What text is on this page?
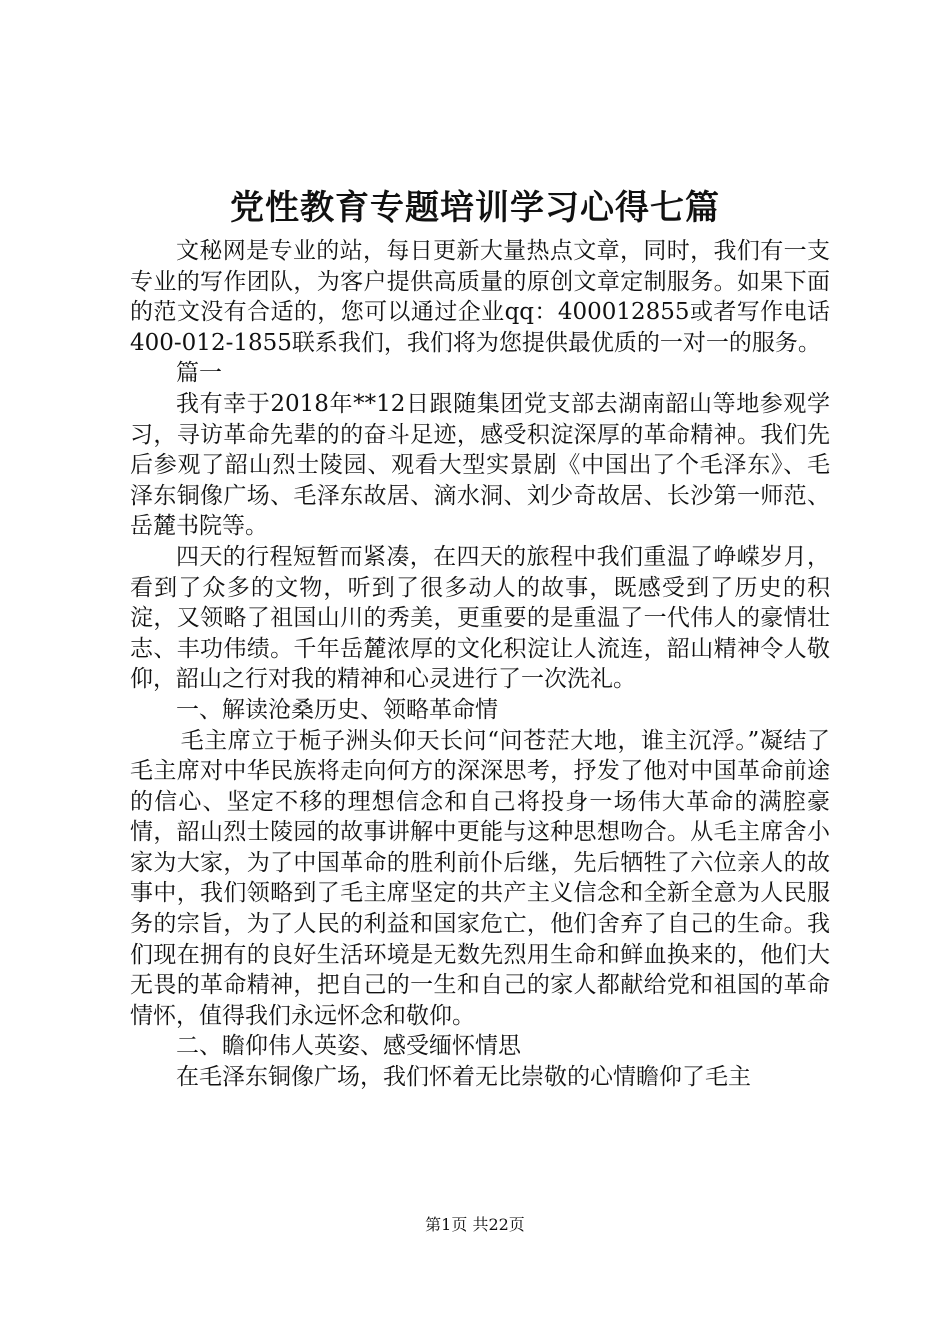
党性教育专题培训学习心得七篇

文秘网是专业的站，每日更新大量热点文章，同时，我们有一支专业的写作团队，为客户提供高质量的原创文章定制服务。如果下面的范文没有合适的，您可以通过企业qq：400012855或者写作电话400-012-1855联系我们，我们将为您提供最优质的一对一的服务。

篇一

我有幸于2018年**12日跟随集团党支部去湖南韶山等地参观学习，寻访革命先辈的的奋斗足迹，感受积淀深厚的革命精神。我们先后参观了韶山烈士陵园、观看大型实景剧《中国出了个毛泽东》、毛泽东铜像广场、毛泽东故居、滴水洞、刘少奇故居、长沙第一师范、岳麓书院等。

四天的行程短暂而紧凑，在四天的旅程中我们重温了峥嵘岁月，看到了众多的文物，听到了很多动人的故事，既感受到了历史的积淀，又领略了祖国山川的秀美，更重要的是重温了一代伟人的豪情壮志、丰功伟绩。千年岳麓浓厚的文化积淀让人流连，韶山精神令人敬仰，韶山之行对我的精神和心灵进行了一次洗礼。

一、解读沧桑历史、领略革命情

毛主席立于栀子洲头仰天长问“问苍茫大地，谁主沉浮。”凝结了毛主席对中华民族将走向何方的深深思考，抒发了他对中国革命前途的信心、坚定不移的理想信念和自己将投身一场伟大革命的满腔豪情，韶山烈士陵园的故事讲解中更能与这种思想吻合。从毛主席舍小家为大家，为了中国革命的胜利前仆后继，先后牺牲了六位亲人的故事中，我们领略到了毛主席坚定的共产主义信念和全新全意为人民服务的宗旨，为了人民的利益和国家危亡，他们舍弃了自己的生命。我们现在拥有的良好生活环境是无数先烈用生命和鲜血换来的，他们大无畏的革命精神，把自己的一生和自己的家人都献给党和祖国的革命情怀，值得我们永远怀念和敬仰。

二、瞻仰伟人英姿、感受缅怀情思

在毛泽东铜像广场，我们怀着无比崇敬的心情瞻仰了毛主

第1页 共22页
